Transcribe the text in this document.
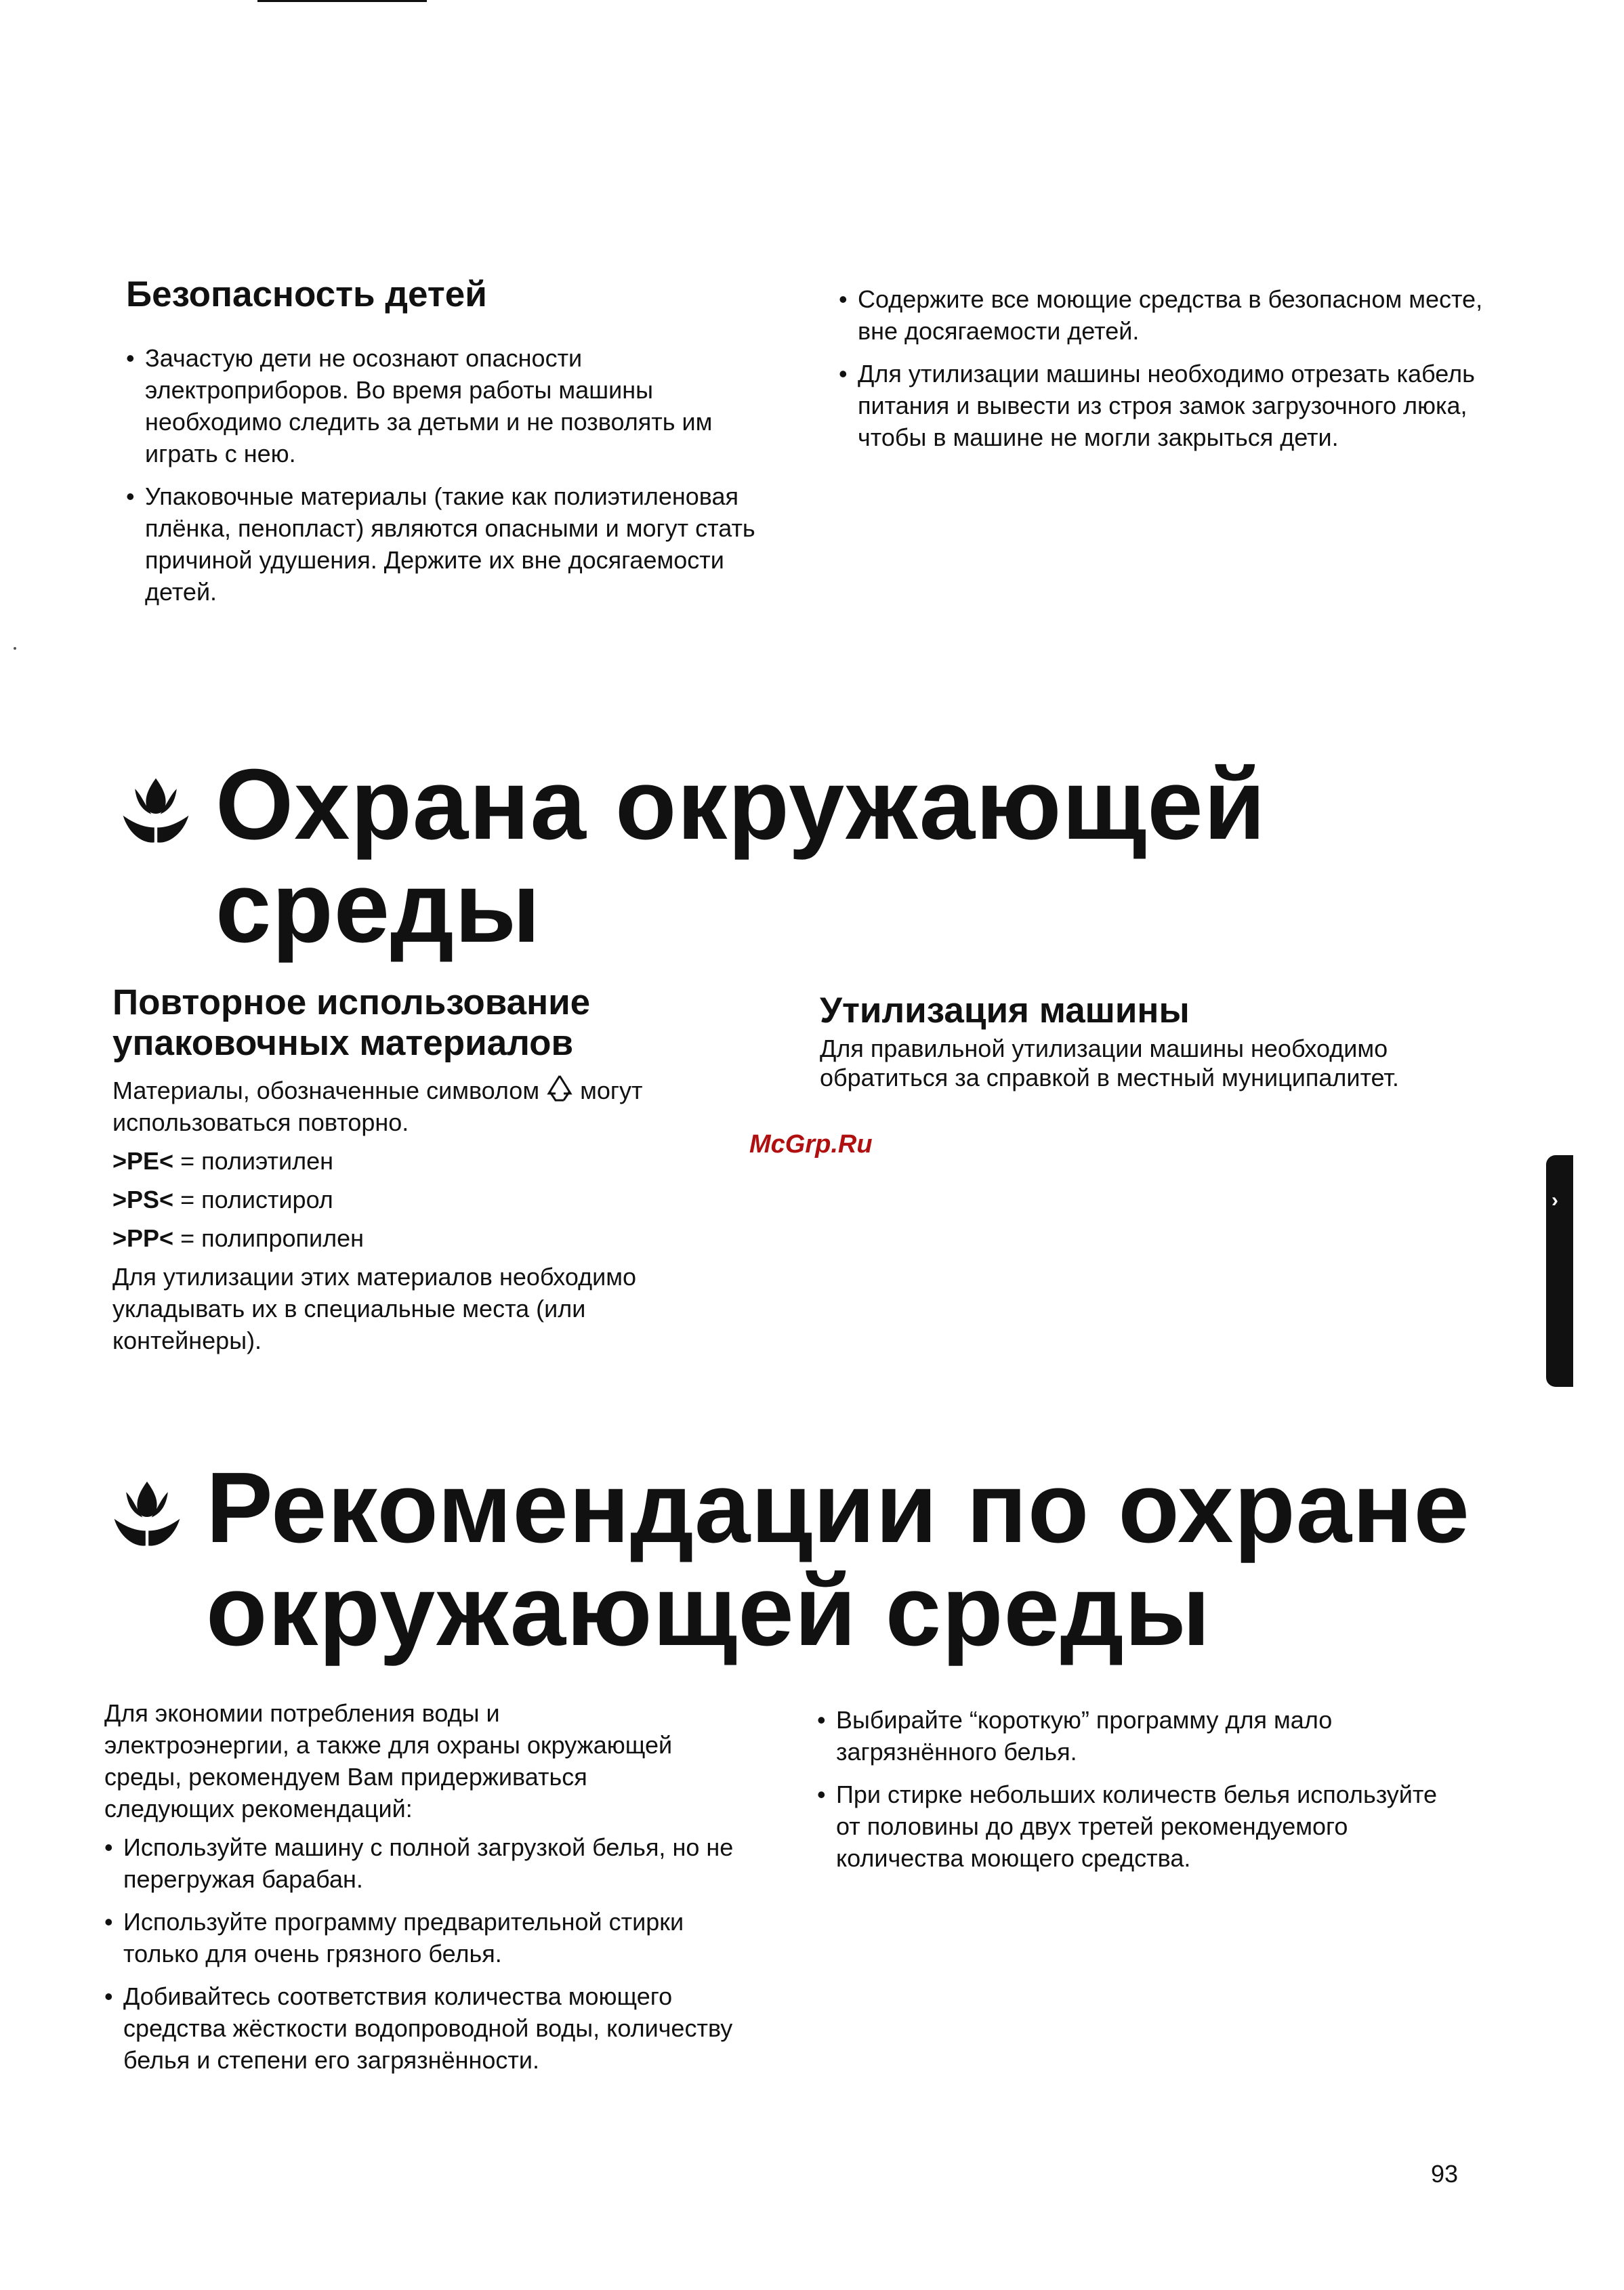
Безопасность детей
• Зачастую дети не осознают опасности электроприборов. Во время работы машины необходимо следить за детьми и не позволять им играть с нею.
• Упаковочные материалы (такие как полиэтиленовая плёнка, пенопласт) являются опасными и могут стать причиной удушения. Держите их вне досягаемости детей.
• Содержите все моющие средства в безопасном месте, вне досягаемости детей.
• Для утилизации машины необходимо отрезать кабель питания и вывести из строя замок загрузочного люка, чтобы в машине не могли закрыться дети.
Охрана окружающей
среды
Повторное использование
упаковочных материалов

Материалы, обозначенные символом могут
использоваться повторно.

>PE< = полиэтилен

>PS< = полистирол

>PP< = полипропилен

Для утилизации этих материалов необходимо укладывать их в специальные места (или контейнеры).

Утилизация машины

Для правильной утилизации машины необходимо обратиться за справкой в местный муниципалитет.

McGrp.Ru
›
Рекомендации по охране
окружающей среды

Для экономии потребления воды и электроэнергии, а также для охраны окружающей среды, рекомендуем Вам придерживаться следующих рекомендаций:

• Используйте машину с полной загрузкой белья, но не перегружая барабан.
• Используйте программу предварительной стирки только для очень грязного белья.
• Добивайтесь соответствия количества моющего средства жёсткости водопроводной воды, количеству белья и степени его загрязнённости.
• Выбирайте “короткую” программу для мало загрязнённого белья.
• При стирке небольших количеств белья используйте от половины до двух третей рекомендуемого количества моющего средства.
93
